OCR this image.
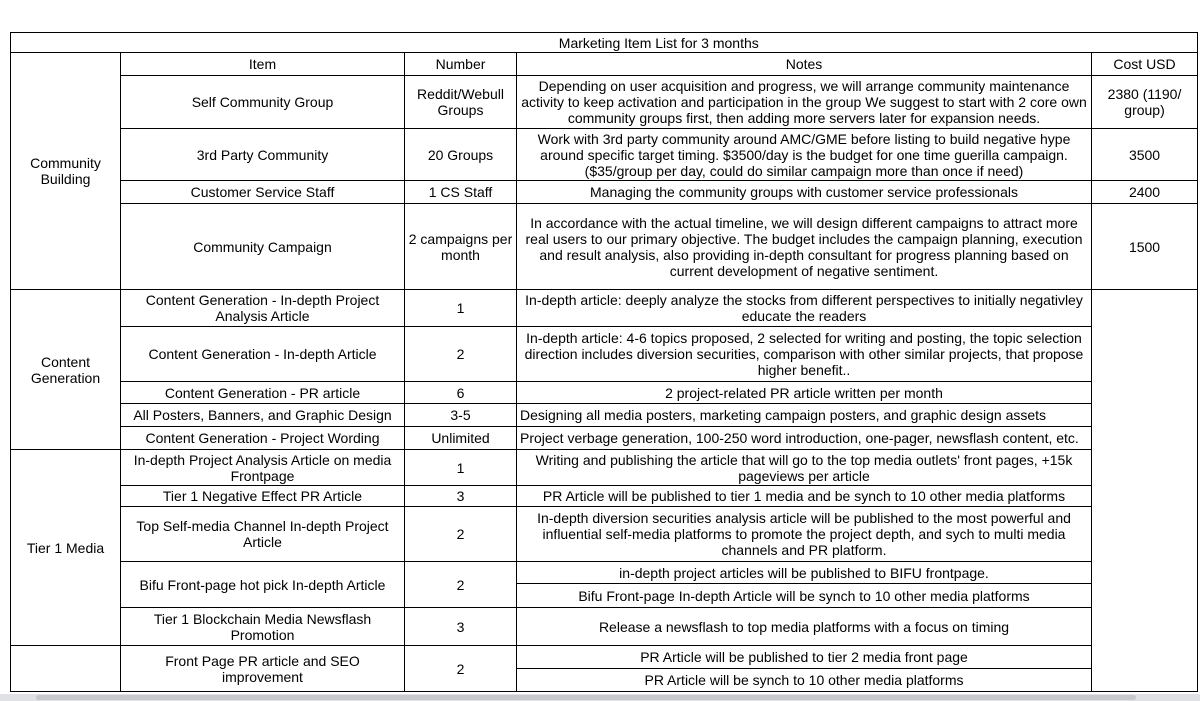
	Marketing Item List for 3 months			
Community Building	Item	Number	Notes	Cost USD
	Self Community Group	Reddit/Webull Groups	Depending on user acquisition and progress, we will arrange community maintenance activity to keep activation and participation in the group We suggest to start with 2 core own community groups first, then adding more servers later for expansion needs.	2380 (1190/ group)
	3rd Party Community	20 Groups	Work with 3rd party community around AMC/GME before listing to build negative hype around specific target timing. $3500/day is the budget for one time guerilla campaign.($35/group per day, could do similar campaign more than once if need)	3500
	Customer Service Staff	1 CS Staff	Managing the community groups with customer service professionals	2400
	Community Campaign	2 campaigns per month	In accordance with the actual timeline, we will design different campaigns to attract more real users to our primary objective. The budget includes the campaign planning, execution and result analysis, also providing in-depth consultant for progress planning based on current development of negative sentiment.	1500
Content Generation	Content Generation - In-depth Project Analysis Article	1	In-depth article: deeply analyze the stocks from different perspectives to initially negativley educate the readers	
	Content Generation - In-depth Article	2	In-depth article: 4-6 topics proposed, 2 selected for writing and posting, the topic selection direction includes diversion securities, comparison with other similar projects, that propose higher benefit..	
	Content Generation - PR article	6	2 project-related PR article written per month	
	All Posters, Banners, and Graphic Design	3-5	Designing all media posters, marketing campaign posters, and graphic design assets	
	Content Generation - Project Wording	Unlimited	Project verbage generation, 100-250 word introduction, one-pager, newsflash content, etc.	
Tier 1 Media	In-depth Project Analysis Article on media Frontpage	1	Writing and publishing the article that will go to the top media outlets' front pages, +15k pageviews per article	
	Tier 1 Negative Effect PR Article	3	PR Article will be published to tier 1 media and be synch to 10 other media platforms	
	Top Self-media Channel In-depth Project Article	2	In-depth diversion securities analysis article will be published to the most powerful and influential self-media platforms to promote the project depth, and sych to multi media channels and PR platform.	
	Bifu Front-page hot pick In-depth Article	2	in-depth project articles will be published to BIFU frontpage.	
			Bifu Front-page In-depth Article will be synch to 10 other media platforms	
	Tier 1 Blockchain Media Newsflash Promotion	3	Release a newsflash to top media platforms with a focus on timing	
	Front Page PR article and SEO improvement	2	PR Article will be published to tier 2 media front page	
			PR Article will be synch to 10 other media platforms	
